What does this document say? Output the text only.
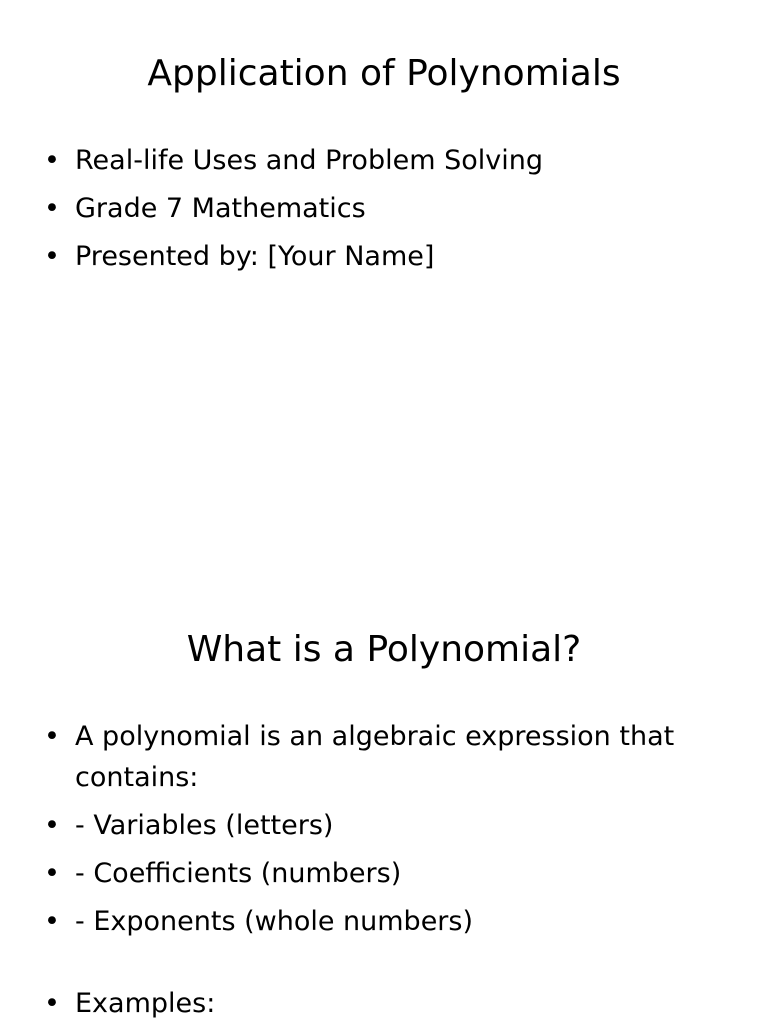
Application of Polynomials
• Real-life Uses and Problem Solving
• Grade 7 Mathematics
• Presented by: [Your Name]
What is a Polynomial?
• A polynomial is an algebraic expression that contains:
• - Variables (letters)
• - Coefficients (numbers)
• - Exponents (whole numbers)
• Examples:
